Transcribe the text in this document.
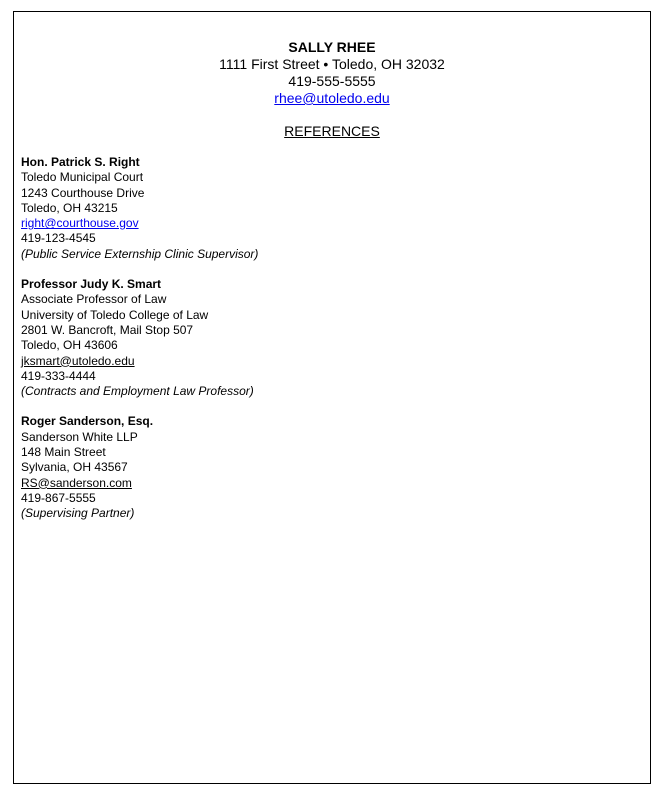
SALLY RHEE
1111 First Street • Toledo, OH 32032
419-555-5555
rhee@utoledo.edu
REFERENCES
Hon. Patrick S. Right
Toledo Municipal Court
1243 Courthouse Drive
Toledo, OH 43215
right@courthouse.gov
419-123-4545
(Public Service Externship Clinic Supervisor)
Professor Judy K. Smart
Associate Professor of Law
University of Toledo College of Law
2801 W. Bancroft, Mail Stop 507
Toledo, OH 43606
jksmart@utoledo.edu
419-333-4444
(Contracts and Employment Law Professor)
Roger Sanderson, Esq.
Sanderson White LLP
148 Main Street
Sylvania, OH 43567
RS@sanderson.com
419-867-5555
(Supervising Partner)
